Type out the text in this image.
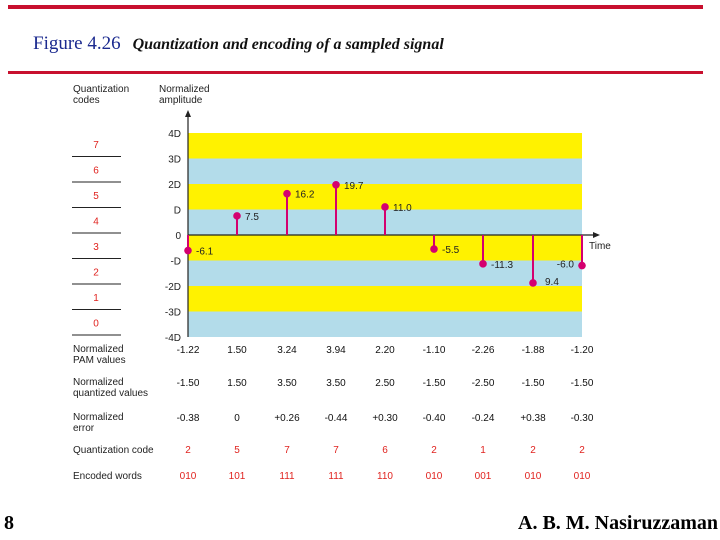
Figure 4.26 Quantization and encoding of a sampled signal
Time
4D
3D
2D
D
0
-D
-2D
-3D
-4D
Quantization
codes
Normalized
amplitude
7
6
5
4
3
2
1
0
-6.1
7.5
16.2
19.7
11.0
-5.5
-11.3
9.4
-6.0
Normalized
PAM values
-1.22	1.50	3.24	3.94	2.20	-1.10	-2.26	-1.88	-1.20
Normalized
quantized values
-1.50	1.50	3.50	3.50	2.50	-1.50	-2.50	-1.50	-1.50
Normalized
error
-0.38	0	+0.26 -0.44 +0.30 -0.40	-0.24	+0.38 -0.30
Quantization code	2	5	7	7	6	2	1	2	2
Encoded words	010	101	111	111	110	010	001	010	010
8	A. B. M. Nasiruzzaman
